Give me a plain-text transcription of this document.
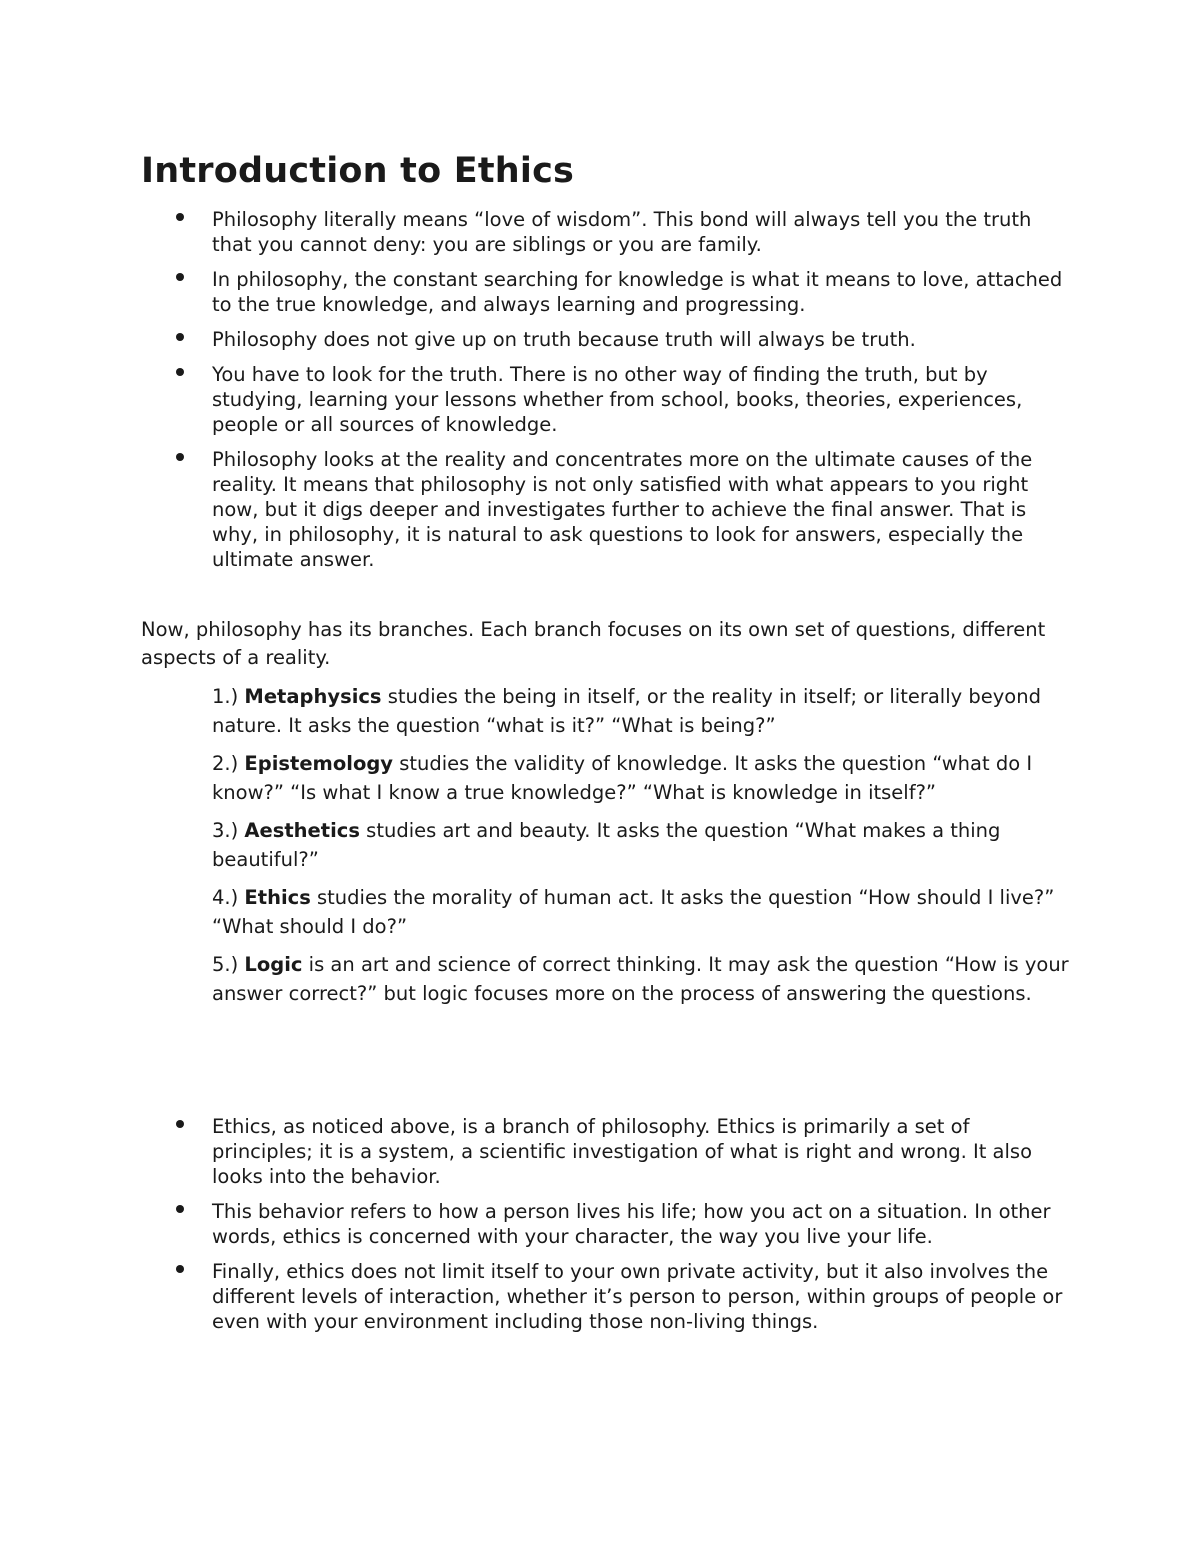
Introduction to Ethics
Philosophy literally means “love of wisdom”. This bond will always tell you the truth that you cannot deny: you are siblings or you are family.
In philosophy, the constant searching for knowledge is what it means to love, attached to the true knowledge, and always learning and progressing.
Philosophy does not give up on truth because truth will always be truth.
You have to look for the truth. There is no other way of finding the truth, but by studying, learning your lessons whether from school, books, theories, experiences, people or all sources of knowledge.
Philosophy looks at the reality and concentrates more on the ultimate causes of the reality. It means that philosophy is not only satisfied with what appears to you right now, but it digs deeper and investigates further to achieve the final answer. That is why, in philosophy, it is natural to ask questions to look for answers, especially the ultimate answer.

Now, philosophy has its branches. Each branch focuses on its own set of questions, different aspects of a reality.

1.) Metaphysics studies the being in itself, or the reality in itself; or literally beyond nature. It asks the question “what is it?” “What is being?”
2.) Epistemology studies the validity of knowledge. It asks the question “what do I know?” “Is what I know a true knowledge?” “What is knowledge in itself?”
3.) Aesthetics studies art and beauty. It asks the question “What makes a thing beautiful?”
4.) Ethics studies the morality of human act. It asks the question “How should I live?” “What should I do?”
5.) Logic is an art and science of correct thinking. It may ask the question “How is your answer correct?” but logic focuses more on the process of answering the questions.
Ethics, as noticed above, is a branch of philosophy. Ethics is primarily a set of principles; it is a system, a scientific investigation of what is right and wrong. It also looks into the behavior.
This behavior refers to how a person lives his life; how you act on a situation. In other words, ethics is concerned with your character, the way you live your life.
Finally, ethics does not limit itself to your own private activity, but it also involves the different levels of interaction, whether it’s person to person, within groups of people or even with your environment including those non-living things.
